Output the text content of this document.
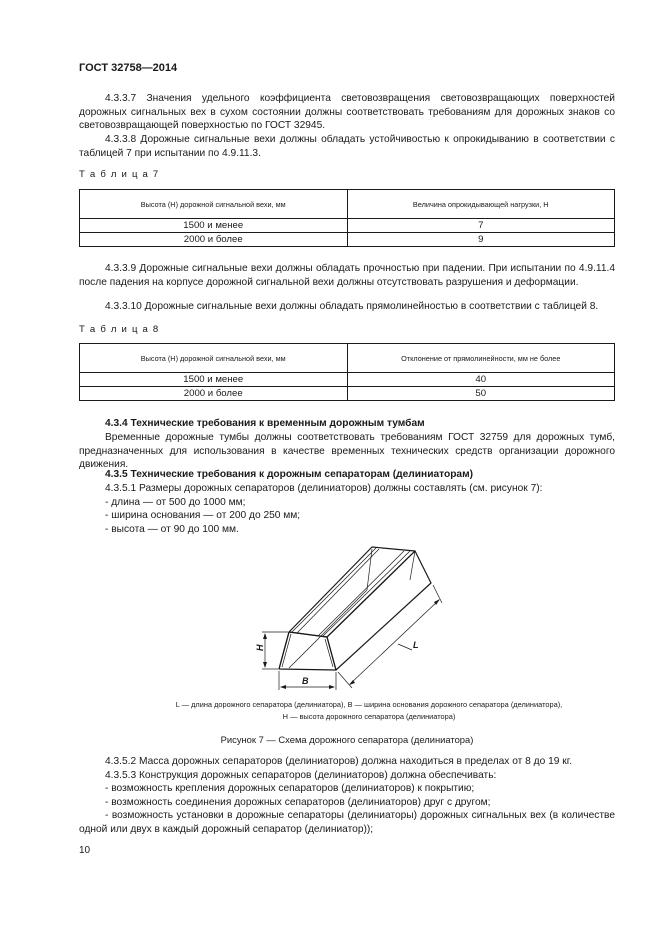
ГОСТ 32758—2014
4.3.3.7 Значения удельного коэффициента световозвращения световозвращающих поверхностей дорожных сигнальных вех в сухом состоянии должны соответствовать требованиям для дорожных знаков со световозвращающей поверхностью по ГОСТ 32945.
4.3.3.8 Дорожные сигнальные вехи должны обладать устойчивостью к опрокидыванию в соответствии с таблицей 7 при испытании по 4.9.11.3.
Т а б л и ц а 7
Высота (Н) дорожной сигнальной вехи, мм	Величина опрокидывающей нагрузки, Н
1500 и менее	7
2000 и более	9
4.3.3.9 Дорожные сигнальные вехи должны обладать прочностью при падении. При испытании по 4.9.11.4 после падения на корпусе дорожной сигнальной вехи должны отсутствовать разрушения и деформации.
4.3.3.10 Дорожные сигнальные вехи должны обладать прямолинейностью в соответствии с таблицей 8.
Т а б л и ц а 8
Высота (Н) дорожной сигнальной вехи, мм	Отклонение от прямолинейности, мм не более
1500 и менее	40
2000 и более	50
4.3.4 Технические требования к временным дорожным тумбам
Временные дорожные тумбы должны соответствовать требованиям ГОСТ 32759 для дорожных тумб, предназначенных для использования в качестве временных технических средств организации дорожного движения.
4.3.5 Технические требования к дорожным сепараторам (делиниаторам)
4.3.5.1 Размеры дорожных сепараторов (делиниаторов) должны составлять (см. рисунок 7):
- длина — от 500 до 1000 мм;
- ширина основания — от 200 до 250 мм;
- высота — от 90 до 100 мм.
L
B
H
L — длина дорожного сепаратора (делиниатора), B — ширина основания дорожного сепаратора (делиниатора),
H — высота дорожного сепаратора (делиниатора)
Рисунок 7 — Схема дорожного сепаратора (делиниатора)
4.3.5.2 Масса дорожных сепараторов (делиниаторов) должна находиться в пределах от 8 до 19 кг.
4.3.5.3 Конструкция дорожных сепараторов (делиниаторов) должна обеспечивать:
- возможность крепления дорожных сепараторов (делиниаторов) к покрытию;
- возможность соединения дорожных сепараторов (делиниаторов) друг с другом;
- возможность установки в дорожные сепараторы (делиниаторы) дорожных сигнальных вех (в количестве одной или двух в каждый дорожный сепаратор (делиниатор));
10
